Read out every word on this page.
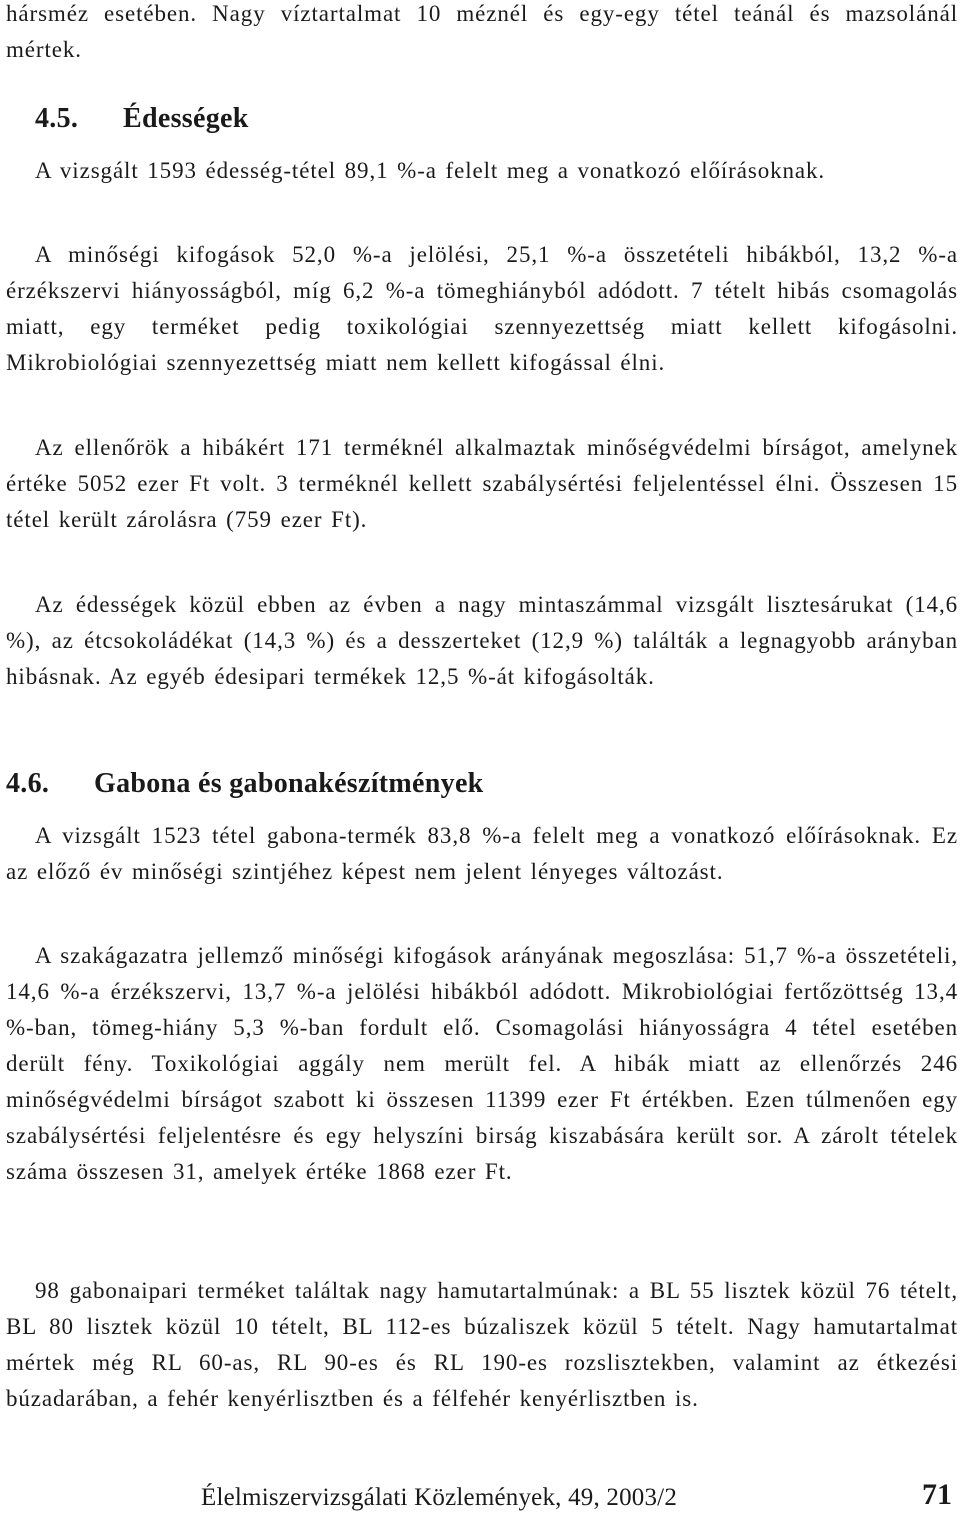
hársméz esetében. Nagy víztartalmat 10 méznél és egy-egy tétel teánál és mazsolánál mértek.

4.5. Édességek

A vizsgált 1593 édesség-tétel 89,1 %-a felelt meg a vonatkozó előírásoknak.

A minőségi kifogások 52,0 %-a jelölési, 25,1 %-a összetételi hibákból, 13,2 %-a érzékszervi hiányosságból, míg 6,2 %-a tömeghiányból adódott. 7 tételt hibás csomagolás miatt, egy terméket pedig toxikológiai szennyezettség miatt kellett kifogásolni. Mikrobiológiai szennyezettség miatt nem kellett kifogással élni.

Az ellenőrök a hibákért 171 terméknél alkalmaztak minőségvédelmi bírságot, amelynek értéke 5052 ezer Ft volt. 3 terméknél kellett szabálysértési feljelentéssel élni. Összesen 15 tétel került zárolásra (759 ezer Ft).

Az édességek közül ebben az évben a nagy mintaszámmal vizsgált lisztesárukat (14,6 %), az étcsokoládékat (14,3 %) és a desszerteket (12,9 %) találták a legnagyobb arányban hibásnak. Az egyéb édesipari termékek 12,5 %-át kifogásolták.

4.6. Gabona és gabonakészítmények

A vizsgált 1523 tétel gabona-termék 83,8 %-a felelt meg a vonatkozó előírásoknak. Ez az előző év minőségi szintjéhez képest nem jelent lényeges változást.

A szakágazatra jellemző minőségi kifogások arányának megoszlása: 51,7 %-a összetételi, 14,6 %-a érzékszervi, 13,7 %-a jelölési hibákból adódott. Mikrobiológiai fertőzöttség 13,4 %-ban, tömeg-hiány 5,3 %-ban fordult elő. Csomagolási hiányosságra 4 tétel esetében derült fény. Toxikológiai aggály nem merült fel. A hibák miatt az ellenőrzés 246 minőségvédelmi bírságot szabott ki összesen 11399 ezer Ft értékben. Ezen túlmenően egy szabálysértési feljelentésre és egy helyszíni birság kiszabására került sor. A zárolt tételek száma összesen 31, amelyek értéke 1868 ezer Ft.

98 gabonaipari terméket találtak nagy hamutartalmúnak: a BL 55 lisztek közül 76 tételt, BL 80 lisztek közül 10 tételt, BL 112-es búzaliszek közül 5 tételt. Nagy hamutartalmat mértek még RL 60-as, RL 90-es és RL 190-es rozslisztekben, valamint az étkezési búzadarában, a fehér kenyérlisztben és a félfehér kenyérlisztben is.

Élelmiszervizsgálati Közlemények, 49, 2003/2	71
